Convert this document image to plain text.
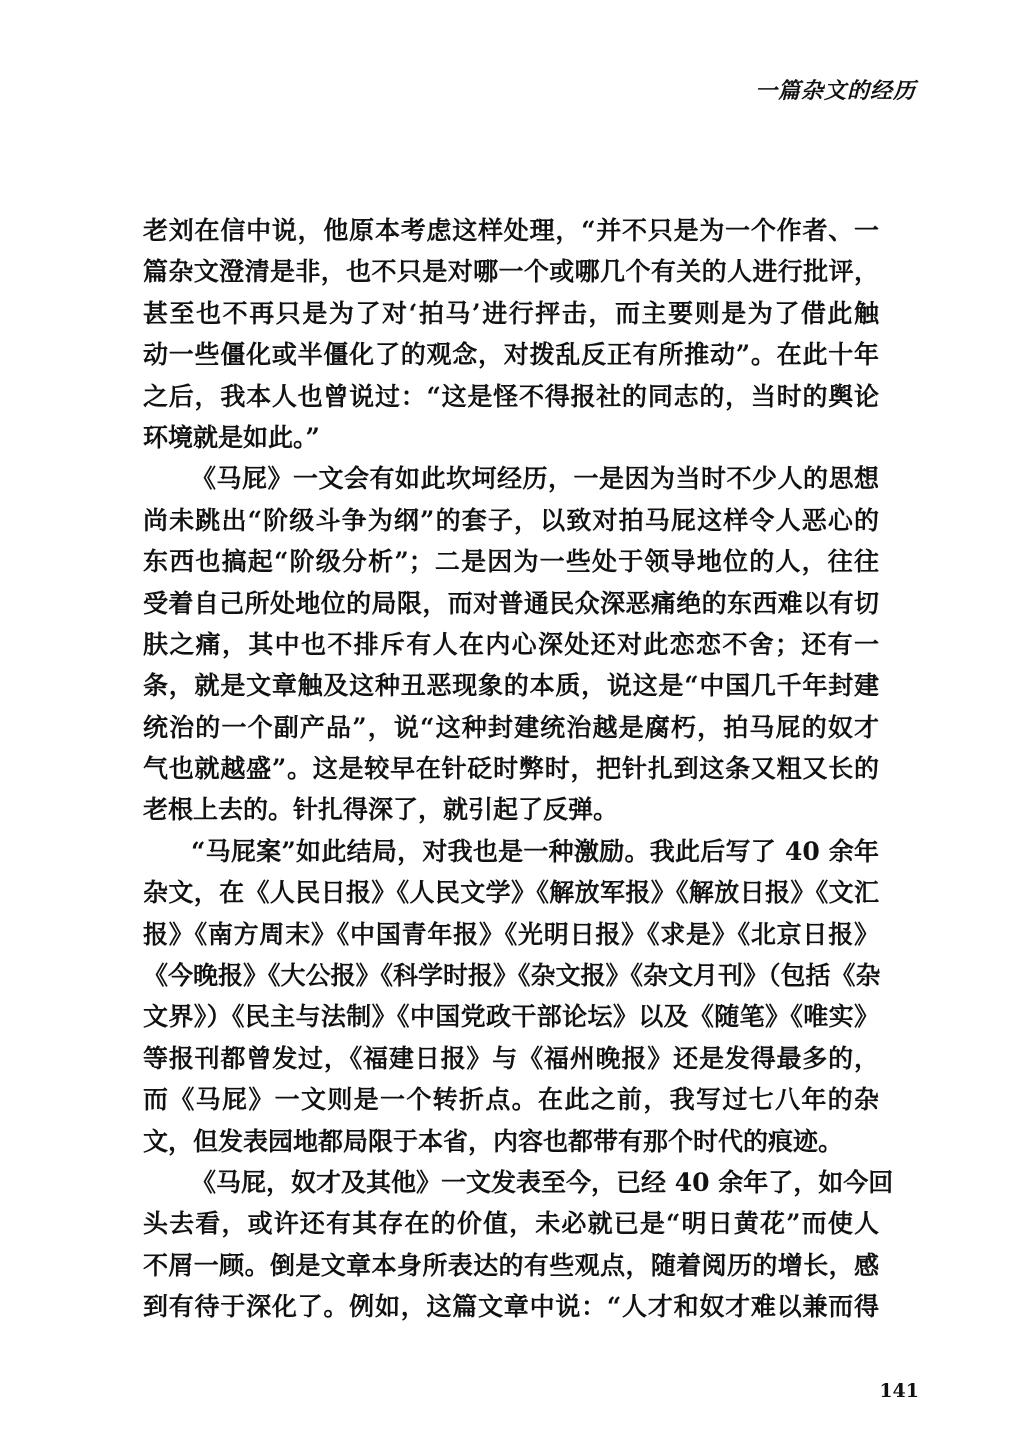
一篇杂文的经历
老刘在信中说，他原本考虑这样处理，“并不只是为一个作者、一
篇杂文澄清是非，也不只是对哪一个或哪几个有关的人进行批评，
甚至也不再只是为了对‘拍马’进行抨击，而主要则是为了借此触
动一些僵化或半僵化了的观念，对拨乱反正有所推动”。在此十年
之后，我本人也曾说过：“这是怪不得报社的同志的，当时的舆论
环境就是如此。”
《马屁》一文会有如此坎坷经历，一是因为当时不少人的思想
尚未跳出“阶级斗争为纲”的套子，以致对拍马屁这样令人恶心的
东西也搞起“阶级分析”；二是因为一些处于领导地位的人，往往
受着自己所处地位的局限，而对普通民众深恶痛绝的东西难以有切
肤之痛，其中也不排斥有人在内心深处还对此恋恋不舍；还有一
条，就是文章触及这种丑恶现象的本质，说这是“中国几千年封建
统治的一个副产品”，说“这种封建统治越是腐朽，拍马屁的奴才
气也就越盛”。这是较早在针砭时弊时，把针扎到这条又粗又长的
老根上去的。针扎得深了，就引起了反弹。
“马屁案”如此结局，对我也是一种激励。我此后写了 40 余年
杂文，在《人民日报》《人民文学》《解放军报》《解放日报》《文汇
报》《南方周末》《中国青年报》《光明日报》《求是》《北京日报》
《今晚报》《大公报》《科学时报》《杂文报》《杂文月刊》（包括《杂
文界》）《民主与法制》《中国党政干部论坛》以及《随笔》《唯实》
等报刊都曾发过，《福建日报》与《福州晚报》还是发得最多的，
而《马屁》一文则是一个转折点。在此之前，我写过七八年的杂
文，但发表园地都局限于本省，内容也都带有那个时代的痕迹。
《马屁，奴才及其他》一文发表至今，已经 40 余年了，如今回
头去看，或许还有其存在的价值，未必就已是“明日黄花”而使人
不屑一顾。倒是文章本身所表达的有些观点，随着阅历的增长，感
到有待于深化了。例如，这篇文章中说：“人才和奴才难以兼而得
141
